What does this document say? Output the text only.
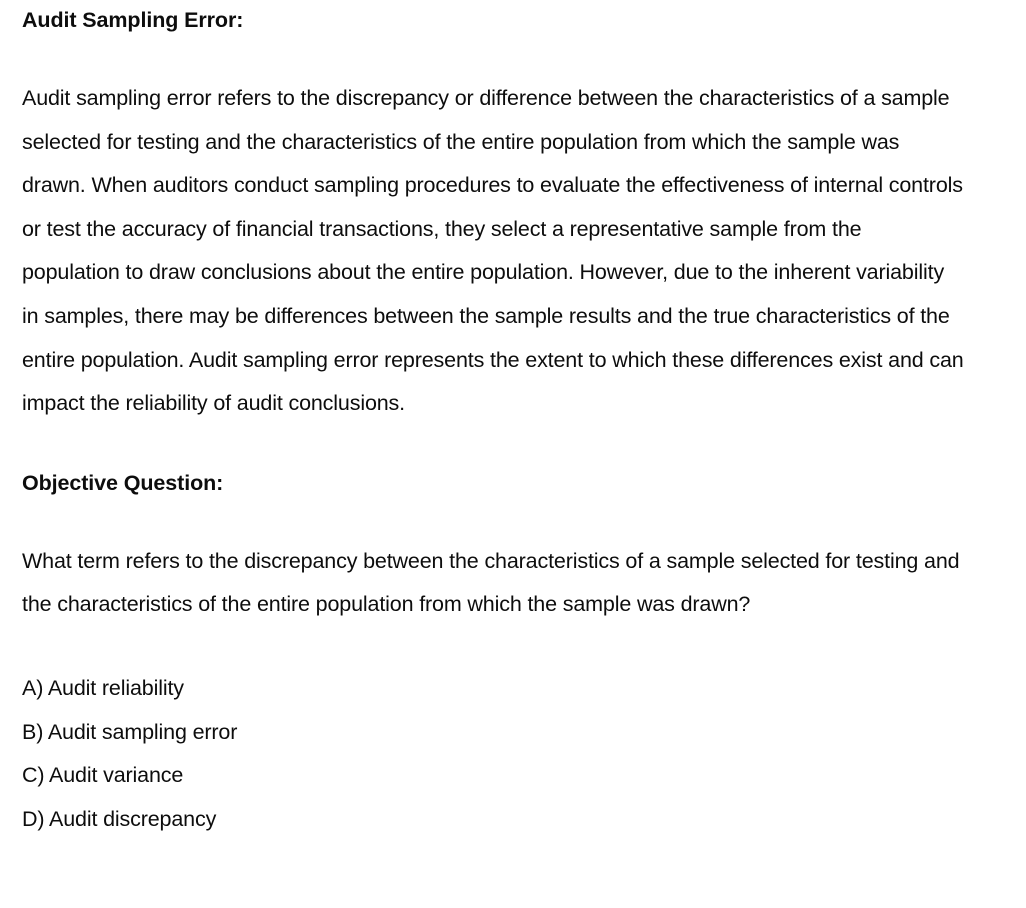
Audit Sampling Error:

Audit sampling error refers to the discrepancy or difference between the characteristics of a sample selected for testing and the characteristics of the entire population from which the sample was drawn. When auditors conduct sampling procedures to evaluate the effectiveness of internal controls or test the accuracy of financial transactions, they select a representative sample from the population to draw conclusions about the entire population. However, due to the inherent variability in samples, there may be differences between the sample results and the true characteristics of the entire population. Audit sampling error represents the extent to which these differences exist and can impact the reliability of audit conclusions.

Objective Question:

What term refers to the discrepancy between the characteristics of a sample selected for testing and the characteristics of the entire population from which the sample was drawn?

A) Audit reliability
B) Audit sampling error
C) Audit variance
D) Audit discrepancy
